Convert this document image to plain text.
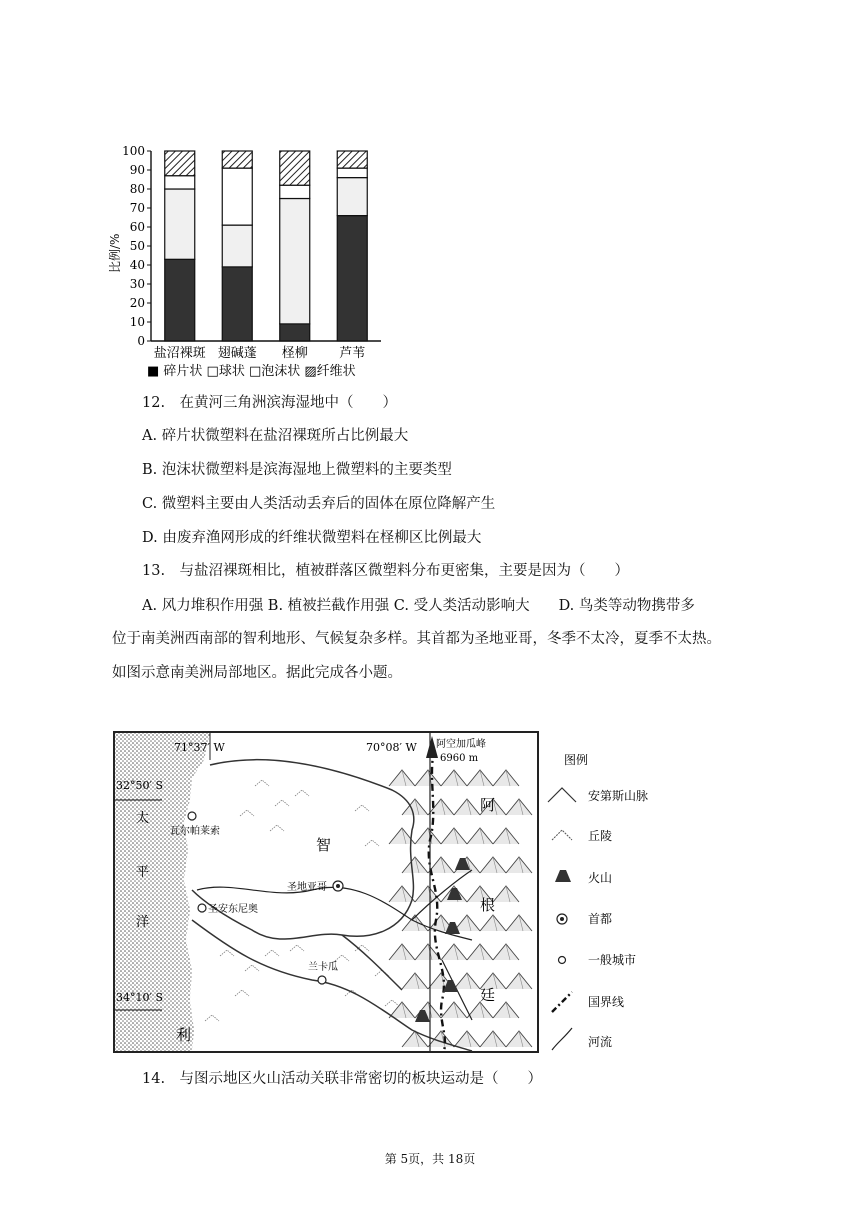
0
10
20
30
40
50
60
70
80
90
100
盐沼裸斑 翅碱蓬 柽柳 芦苇
比例/%
■ 碎片状 □球状 □泡沫状 ▨纤维状
12.　在黄河三角洲滨海湿地中（　　）
A. 碎片状微塑料在盐沼裸斑所占比例最大
B. 泡沫状微塑料是滨海湿地上微塑料的主要类型
C. 微塑料主要由人类活动丢弃后的固体在原位降解产生
D. 由废弃渔网形成的纤维状微塑料在柽柳区比例最大
13.　与盐沼裸斑相比，植被群落区微塑料分布更密集，主要是因为（　　）
A. 风力堆积作用强 B. 植被拦截作用强 C. 受人类活动影响大　　D. 鸟类等动物携带多
位于南美洲西南部的智利地形、气候复杂多样。其首都为圣地亚哥，冬季不太冷，夏季不太热。
如图示意南美洲局部地区。据此完成各小题。
阿空加瓜峰
6960 m
71°37′ W	70°08′ W
32°50′ S
34°10′ S
太
平
洋
智
利
阿
根
廷
瓦尔帕莱索
圣地亚哥
圣安东尼奥
兰卡瓜
图例
安第斯山脉
丘陵
火山
首都
一般城市
国界线
河流
14.　与图示地区火山活动关联非常密切的板块运动是（　　）
第 5页，共 18页
